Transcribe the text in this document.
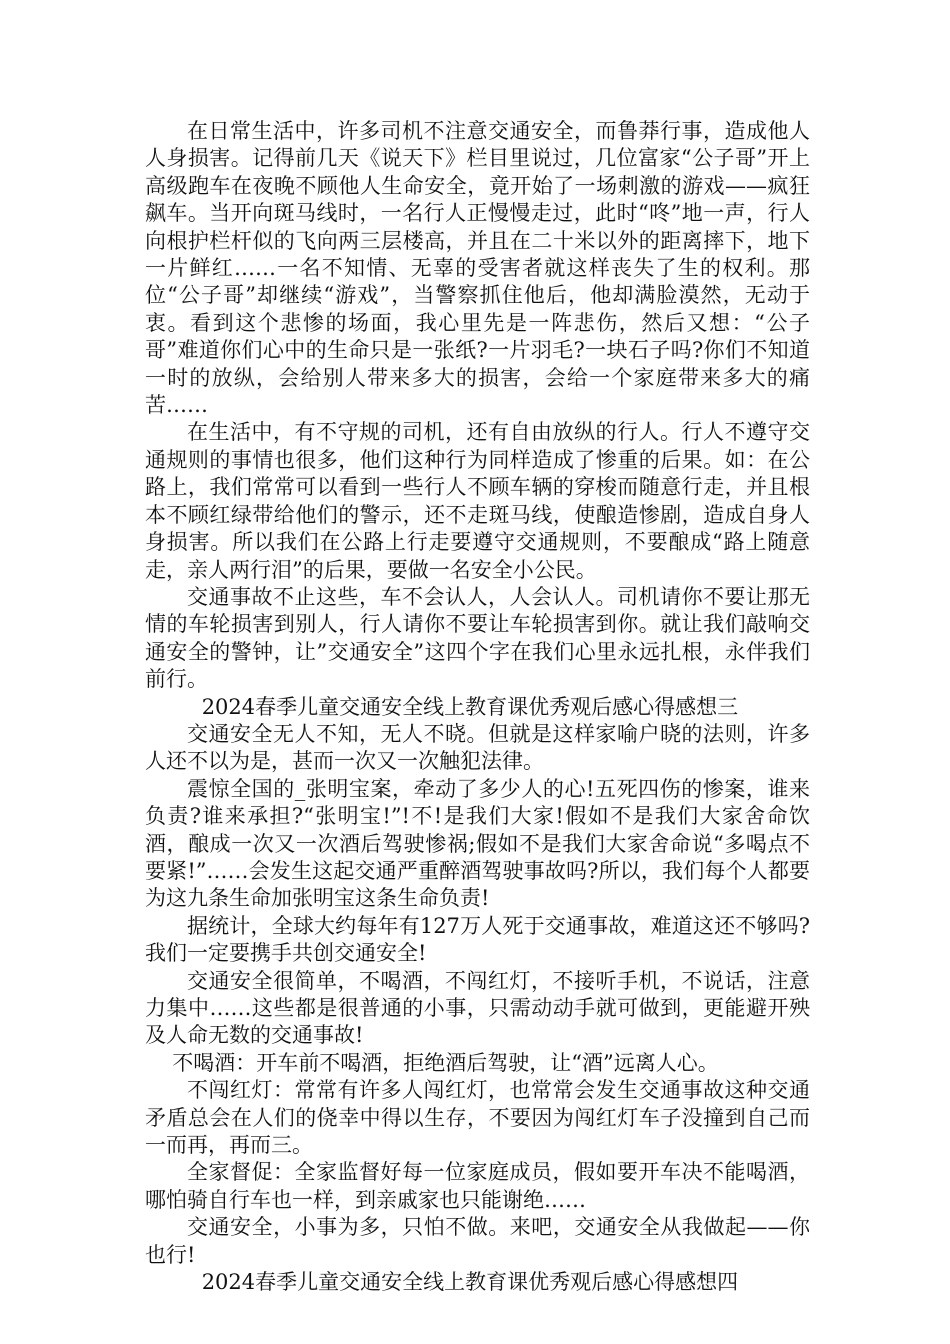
在日常生活中，许多司机不注意交通安全，而鲁莽行事，造成他人人身损害。记得前几天《说天下》栏目里说过，几位富家“公子哥”开上高级跑车在夜晚不顾他人生命安全，竟开始了一场刺激的游戏——疯狂飙车。当开向斑马线时，一名行人正慢慢走过，此时“咚”地一声，行人向根护栏杆似的飞向两三层楼高，并且在二十米以外的距离摔下，地下一片鲜红……一名不知情、无辜的受害者就这样丧失了生的权利。那位“公子哥”却继续“游戏”，当警察抓住他后，他却满脸漠然，无动于衷。看到这个悲惨的场面，我心里先是一阵悲伤，然后又想：“公子哥”难道你们心中的生命只是一张纸?一片羽毛?一块石子吗?你们不知道一时的放纵，会给别人带来多大的损害，会给一个家庭带来多大的痛苦……

在生活中，有不守规的司机，还有自由放纵的行人。行人不遵守交通规则的事情也很多，他们这种行为同样造成了惨重的后果。如：在公路上，我们常常可以看到一些行人不顾车辆的穿梭而随意行走，并且根本不顾红绿带给他们的警示，还不走斑马线，使酿造惨剧，造成自身人身损害。所以我们在公路上行走要遵守交通规则，不要酿成“路上随意走，亲人两行泪”的后果，要做一名安全小公民。

交通事故不止这些，车不会认人，人会认人。司机请你不要让那无情的车轮损害到别人，行人请你不要让车轮损害到你。就让我们敲响交通安全的警钟，让”交通安全”这四个字在我们心里永远扎根，永伴我们前行。

2024春季儿童交通安全线上教育课优秀观后感心得感想三

交通安全无人不知，无人不晓。但就是这样家喻户晓的法则，许多人还不以为是，甚而一次又一次触犯法律。

震惊全国的_张明宝案，牵动了多少人的心!五死四伤的惨案，谁来负责?谁来承担?“张明宝!”!不!是我们大家!假如不是我们大家舍命饮酒，酿成一次又一次酒后驾驶惨祸;假如不是我们大家舍命说“多喝点不要紧!”……会发生这起交通严重醉酒驾驶事故吗?所以，我们每个人都要为这九条生命加张明宝这条生命负责!

据统计，全球大约每年有127万人死于交通事故，难道这还不够吗?我们一定要携手共创交通安全!

交通安全很简单，不喝酒，不闯红灯，不接听手机，不说话，注意力集中……这些都是很普通的小事，只需动动手就可做到，更能避开殃及人命无数的交通事故!

不喝酒：开车前不喝酒，拒绝酒后驾驶，让“酒”远离人心。

不闯红灯：常常有许多人闯红灯，也常常会发生交通事故这种交通矛盾总会在人们的侥幸中得以生存，不要因为闯红灯车子没撞到自己而一而再，再而三。

全家督促：全家监督好每一位家庭成员，假如要开车决不能喝酒，哪怕骑自行车也一样，到亲戚家也只能谢绝……

交通安全，小事为多，只怕不做。来吧，交通安全从我做起——你也行!

2024春季儿童交通安全线上教育课优秀观后感心得感想四
